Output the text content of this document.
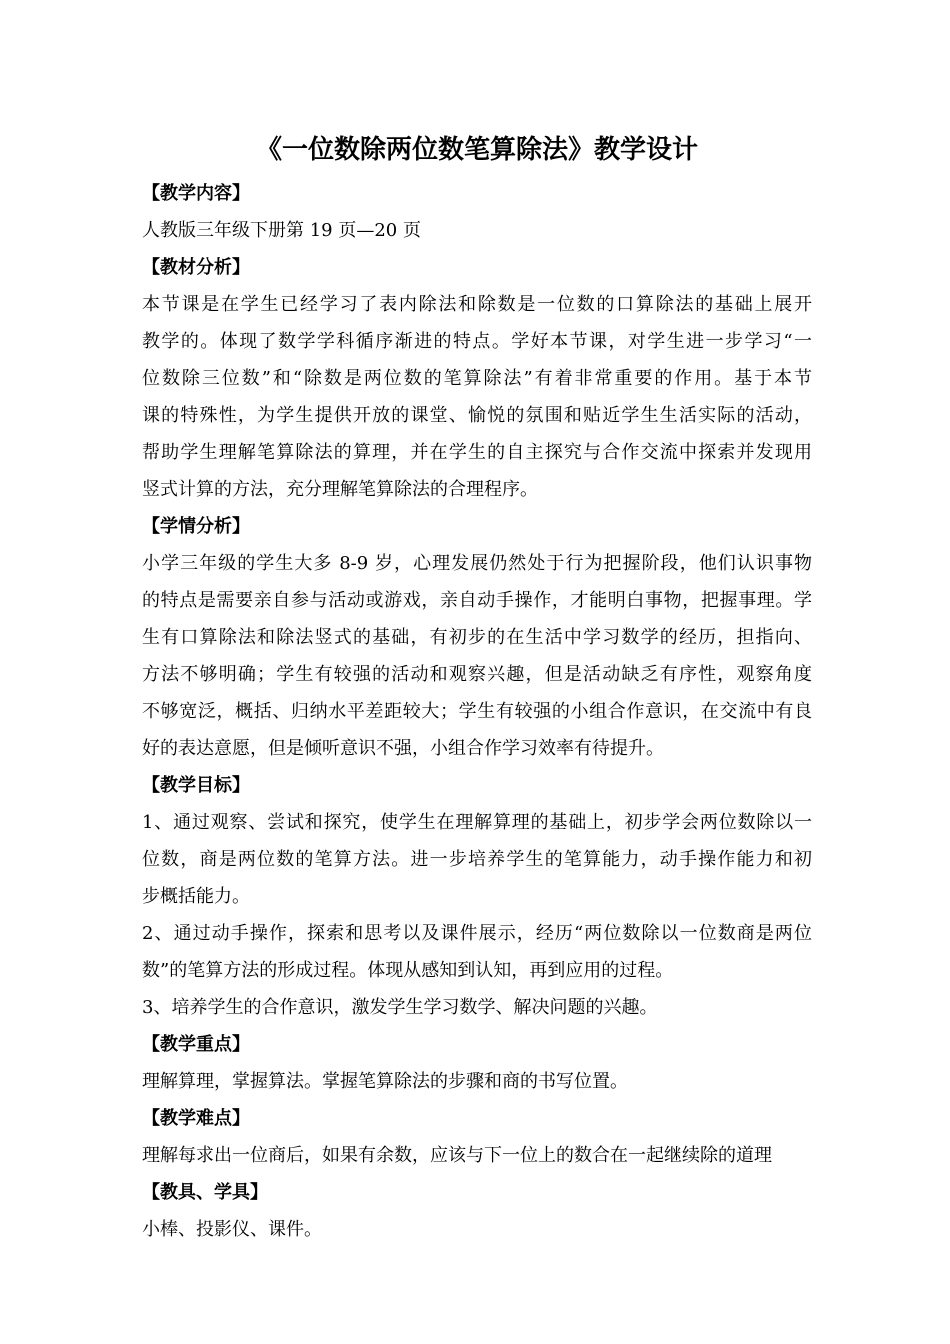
《一位数除两位数笔算除法》教学设计
【教学内容】
人教版三年级下册第 19 页—20 页
【教材分析】
本节课是在学生已经学习了表内除法和除数是一位数的口算除法的基础上展开
教学的。体现了数学学科循序渐进的特点。学好本节课，对学生进一步学习“一
位数除三位数”和“除数是两位数的笔算除法”有着非常重要的作用。基于本节
课的特殊性，为学生提供开放的课堂、愉悦的氛围和贴近学生生活实际的活动，
帮助学生理解笔算除法的算理，并在学生的自主探究与合作交流中探索并发现用
竖式计算的方法，充分理解笔算除法的合理程序。
【学情分析】
小学三年级的学生大多 8-9 岁，心理发展仍然处于行为把握阶段，他们认识事物
的特点是需要亲自参与活动或游戏，亲自动手操作，才能明白事物，把握事理。学
生有口算除法和除法竖式的基础，有初步的在生活中学习数学的经历，担指向、
方法不够明确；学生有较强的活动和观察兴趣，但是活动缺乏有序性，观察角度
不够宽泛，概括、归纳水平差距较大；学生有较强的小组合作意识，在交流中有良
好的表达意愿，但是倾听意识不强，小组合作学习效率有待提升。
【教学目标】
1、通过观察、尝试和探究，使学生在理解算理的基础上，初步学会两位数除以一
位数，商是两位数的笔算方法。进一步培养学生的笔算能力，动手操作能力和初
步概括能力。
2、通过动手操作，探索和思考以及课件展示，经历“两位数除以一位数商是两位
数”的笔算方法的形成过程。体现从感知到认知，再到应用的过程。
3、培养学生的合作意识，激发学生学习数学、解决问题的兴趣。
【教学重点】
理解算理，掌握算法。掌握笔算除法的步骤和商的书写位置。
【教学难点】
理解每求出一位商后，如果有余数，应该与下一位上的数合在一起继续除的道理
【教具、学具】
小棒、投影仪、课件。
